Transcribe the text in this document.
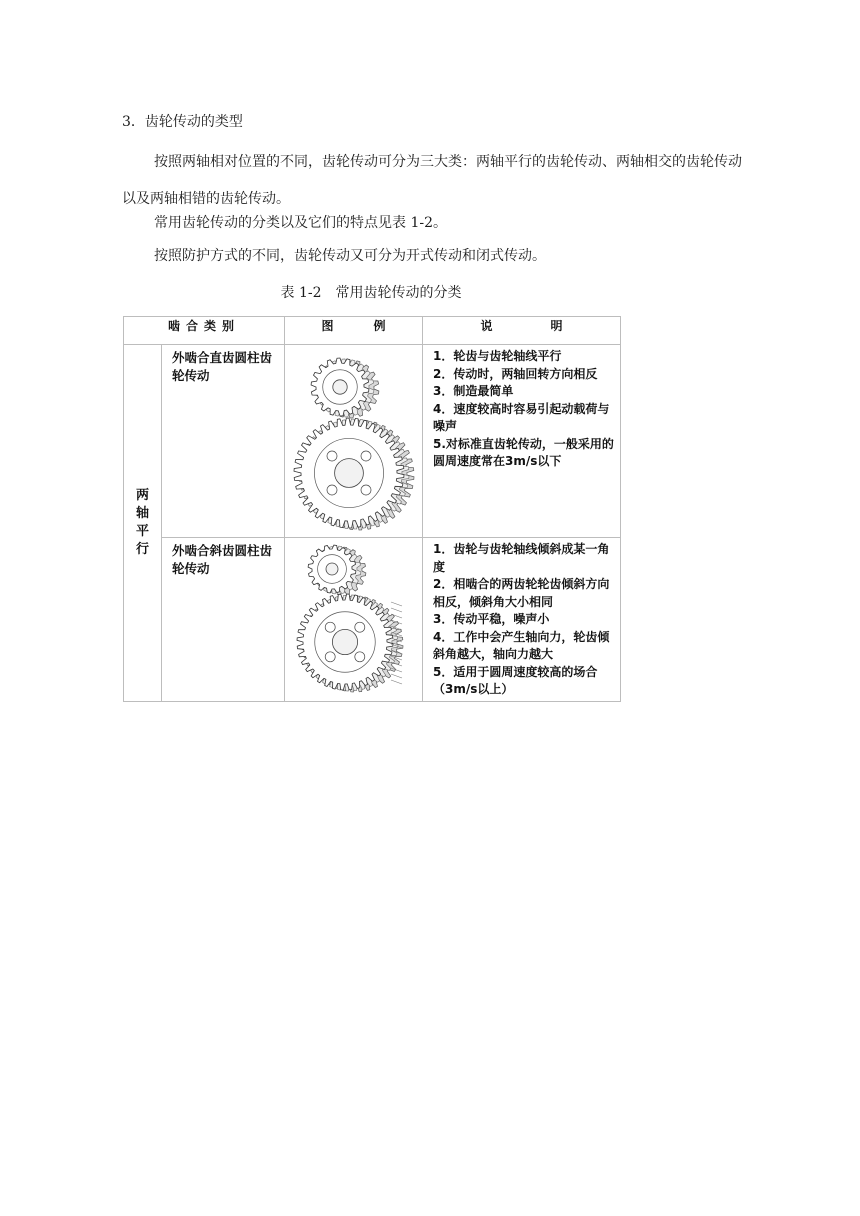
3．齿轮传动的类型
按照两轴相对位置的不同，齿轮传动可分为三大类：两轴平行的齿轮传动、两轴相交的齿轮传动以及两轴相错的齿轮传动。
常用齿轮传动的分类以及它们的特点见表 1-2。
按照防护方式的不同，齿轮传动又可分为开式传动和闭式传动。
表 1-2 常用齿轮传动的分类
啮合类别		图 例	说 明
两轴平行	外啮合直齿圆柱齿轮传动		1．轮齿与齿轮轴线平行
2．传动时，两轴回转方向相反
3．制造最简单
4．速度较高时容易引起动载荷与噪声
5.对标准直齿轮传动，一般采用的圆周速度常在3m/s以下

	外啮合斜齿圆柱齿轮传动		1．齿轮与齿轮轴线倾斜成某一角度
2．相啮合的两齿轮轮齿倾斜方向相反，倾斜角大小相同
3．传动平稳，噪声小
4．工作中会产生轴向力，轮齿倾斜角越大，轴向力越大
5．适用于圆周速度较高的场合（3m/s以上）
